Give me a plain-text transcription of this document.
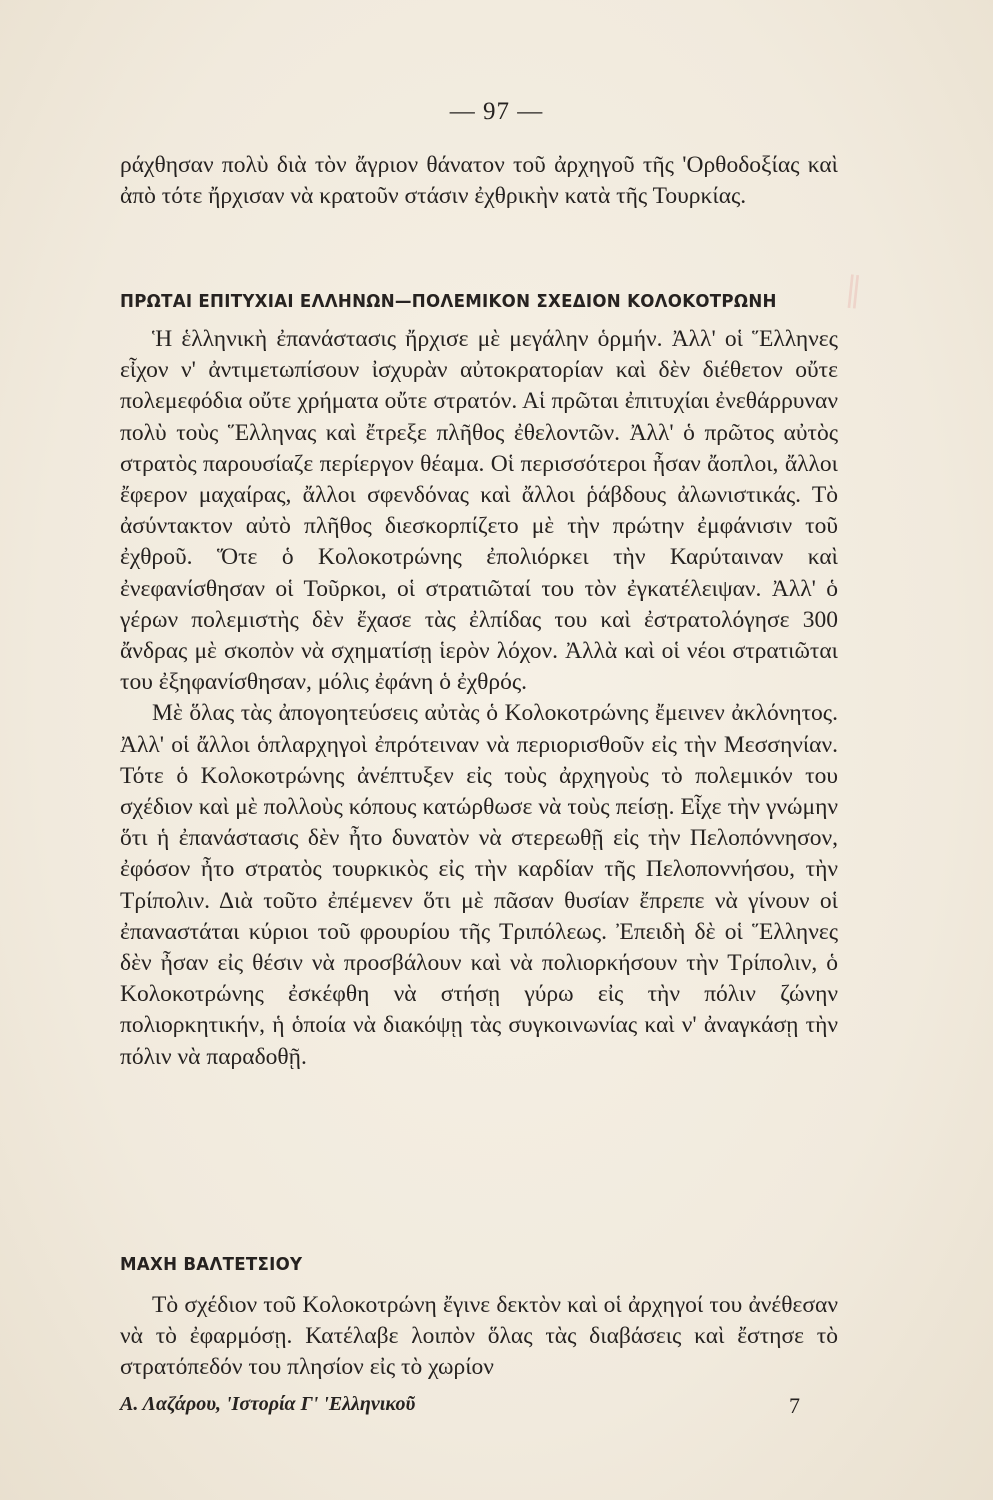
∥
— 97 —

ράχθησαν πολὺ διὰ τὸν ἄγριον θάνατον τοῦ ἀρχηγοῦ τῆς 'Ορθοδοξίας καὶ ἀπὸ τότε ἤρχισαν νὰ κρατοῦν στάσιν ἐχθρικὴν κατὰ τῆς Τουρκίας.

ΠΡΩΤΑΙ ΕΠΙΤΥΧΙΑΙ ΕΛΛΗΝΩΝ—ΠΟΛΕΜΙΚΟΝ ΣΧΕΔΙΟΝ ΚΟΛΟΚΟΤΡΩΝΗ

Ἡ ἑλληνικὴ ἐπανάστασις ἤρχισε μὲ μεγάλην ὁρμήν. Ἀλλ' οἱ Ἕλληνες εἶχον ν' ἀντιμετωπίσουν ἰσχυρὰν αὐτοκρατορίαν καὶ δὲν διέθετον οὔτε πολεμεφόδια οὔτε χρήματα οὔτε στρατόν. Αἱ πρῶται ἐπιτυχίαι ἐνεθάρρυναν πολὺ τοὺς Ἕλληνας καὶ ἔτρεξε πλῆθος ἐθελοντῶν. Ἀλλ' ὁ πρῶτος αὐτὸς στρατὸς παρουσίαζε περίεργον θέαμα. Οἱ περισσότεροι ἦσαν ἄοπλοι, ἄλλοι ἔφερον μαχαίρας, ἄλλοι σφενδόνας καὶ ἄλλοι ῥάβδους ἀλωνιστικάς. Τὸ ἀσύντακτον αὐτὸ πλῆθος διεσκορπίζετο μὲ τὴν πρώτην ἐμφάνισιν τοῦ ἐχθροῦ. Ὅτε ὁ Κολοκοτρώνης ἐπολιόρκει τὴν Καρύταιναν καὶ ἐνεφανίσθησαν οἱ Τοῦρκοι, οἱ στρατιῶταί του τὸν ἐγκατέλειψαν. Ἀλλ' ὁ γέρων πολεμιστὴς δὲν ἔχασε τὰς ἐλπίδας του καὶ ἐστρατολόγησε 300 ἄνδρας μὲ σκοπὸν νὰ σχηματίσῃ ἱερὸν λόχον. Ἀλλὰ καὶ οἱ νέοι στρατιῶται του ἐξηφανίσθησαν, μόλις ἐφάνη ὁ ἐχθρός.

Μὲ ὅλας τὰς ἀπογοητεύσεις αὐτὰς ὁ Κολοκοτρώνης ἔμεινεν ἀκλόνητος. Ἀλλ' οἱ ἄλλοι ὁπλαρχηγοὶ ἐπρότειναν νὰ περιορισθοῦν εἰς τὴν Μεσσηνίαν. Τότε ὁ Κολοκοτρώνης ἀνέπτυξεν εἰς τοὺς ἀρχηγοὺς τὸ πολεμικόν του σχέδιον καὶ μὲ πολλοὺς κόπους κατώρθωσε νὰ τοὺς πείσῃ. Εἶχε τὴν γνώμην ὅτι ἡ ἐπανάστασις δὲν ἦτο δυνατὸν νὰ στερεωθῇ εἰς τὴν Πελοπόννησον, ἐφόσον ἦτο στρατὸς τουρκικὸς εἰς τὴν καρδίαν τῆς Πελοποννήσου, τὴν Τρίπολιν. Διὰ τοῦτο ἐπέμενεν ὅτι μὲ πᾶσαν θυσίαν ἔπρεπε νὰ γίνουν οἱ ἐπαναστάται κύριοι τοῦ φρουρίου τῆς Τριπόλεως. Ἐπειδὴ δὲ οἱ Ἕλληνες δὲν ἦσαν εἰς θέσιν νὰ προσβάλουν καὶ νὰ πολιορκήσουν τὴν Τρίπολιν, ὁ Κολοκοτρώνης ἐσκέφθη νὰ στήσῃ γύρω εἰς τὴν πόλιν ζώνην πολιορκητικήν, ἡ ὁποία νὰ διακόψῃ τὰς συγκοινωνίας καὶ ν' ἀναγκάσῃ τὴν πόλιν νὰ παραδοθῇ.

ΜΑΧΗ ΒΑΛΤΕΤΣΙΟΥ

Τὸ σχέδιον τοῦ Κολοκοτρώνη ἔγινε δεκτὸν καὶ οἱ ἀρχηγοί του ἀνέθεσαν νὰ τὸ ἐφαρμόσῃ. Κατέλαβε λοιπὸν ὅλας τὰς διαβάσεις καὶ ἔστησε τὸ στρατόπεδόν του πλησίον εἰς τὸ χωρίον

Α. Λαζάρου, 'Ιστορία Γ' 'Ελληνικοῦ	7
